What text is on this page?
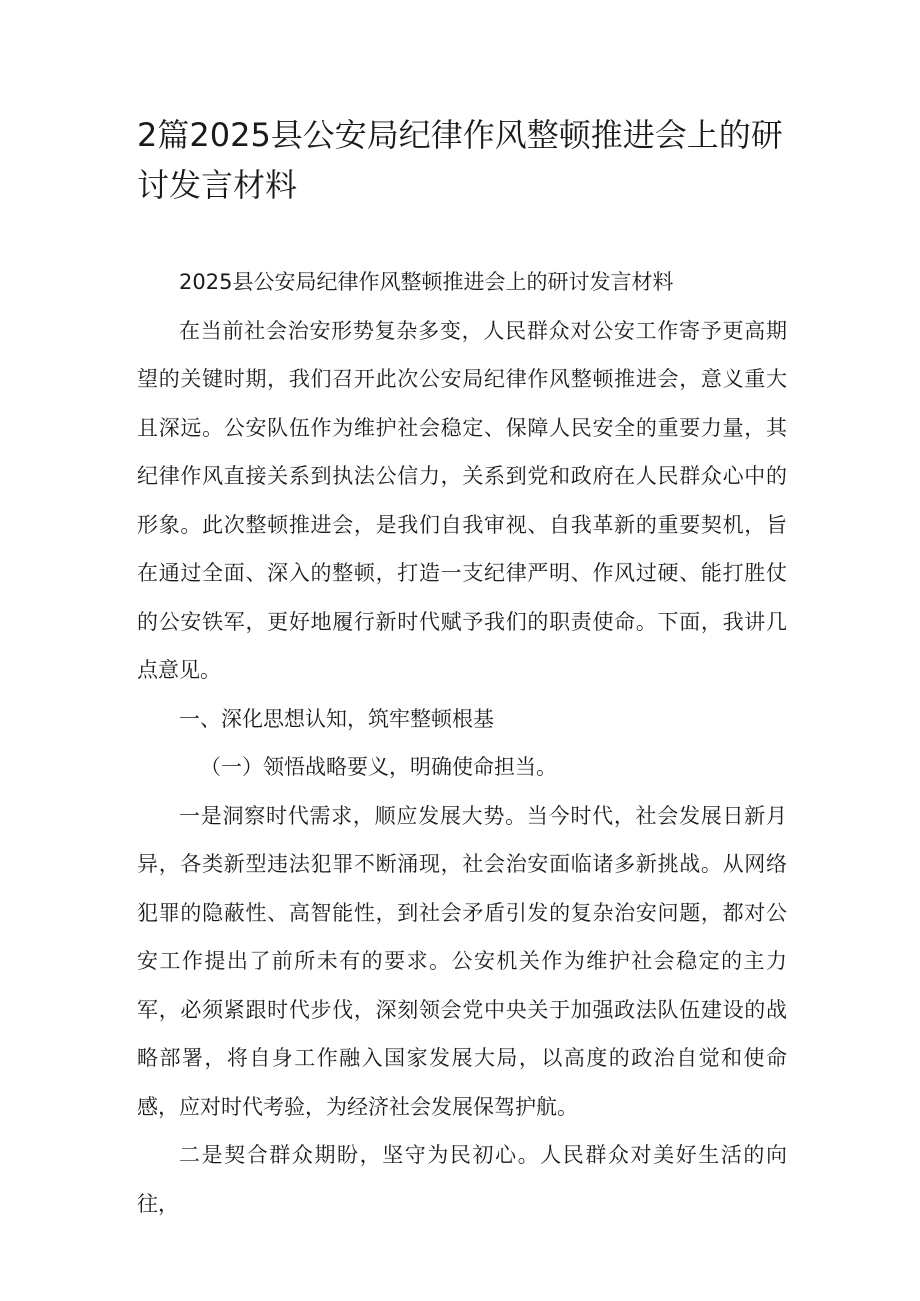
2篇2025县公安局纪律作风整顿推进会上的研讨发言材料

2025县公安局纪律作风整顿推进会上的研讨发言材料

在当前社会治安形势复杂多变，人民群众对公安工作寄予更高期望的关键时期，我们召开此次公安局纪律作风整顿推进会，意义重大且深远。公安队伍作为维护社会稳定、保障人民安全的重要力量，其纪律作风直接关系到执法公信力，关系到党和政府在人民群众心中的形象。此次整顿推进会，是我们自我审视、自我革新的重要契机，旨在通过全面、深入的整顿，打造一支纪律严明、作风过硬、能打胜仗的公安铁军，更好地履行新时代赋予我们的职责使命。下面，我讲几点意见。

一、深化思想认知，筑牢整顿根基

（一）领悟战略要义，明确使命担当。

一是洞察时代需求，顺应发展大势。当今时代，社会发展日新月异，各类新型违法犯罪不断涌现，社会治安面临诸多新挑战。从网络犯罪的隐蔽性、高智能性，到社会矛盾引发的复杂治安问题，都对公安工作提出了前所未有的要求。公安机关作为维护社会稳定的主力军，必须紧跟时代步伐，深刻领会党中央关于加强政法队伍建设的战略部署，将自身工作融入国家发展大局，以高度的政治自觉和使命感，应对时代考验，为经济社会发展保驾护航。

二是契合群众期盼，坚守为民初心。人民群众对美好生活的向往，
